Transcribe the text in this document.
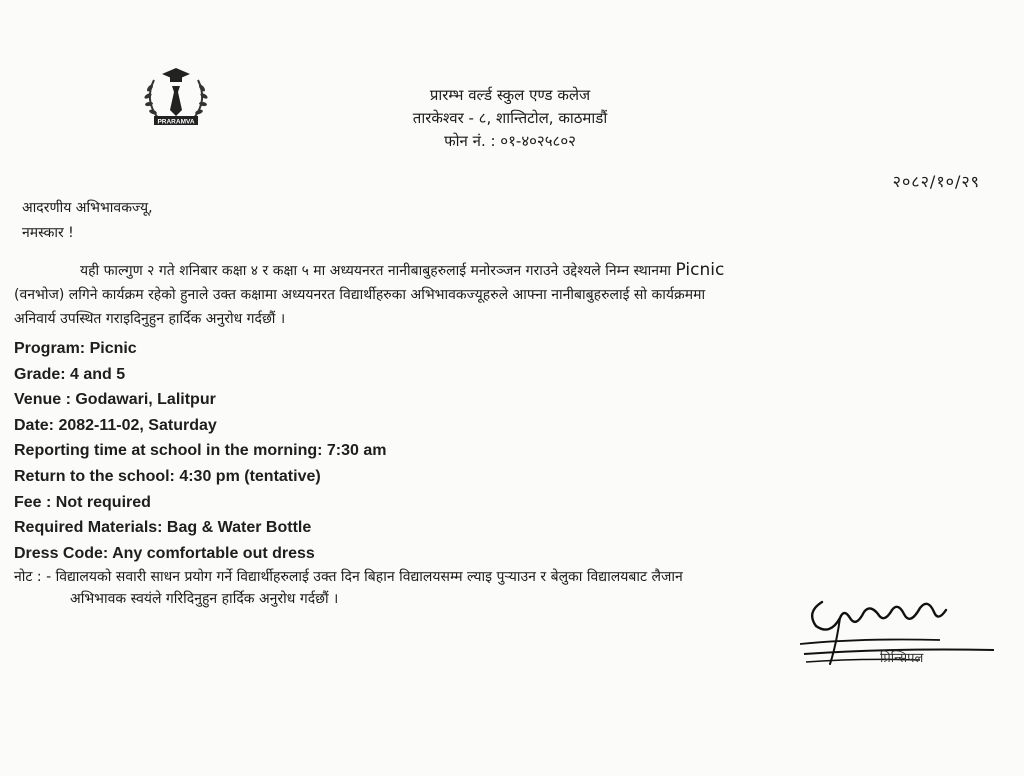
PRARAMVA
प्रारम्भ वर्ल्ड स्कुल एण्ड कलेज
तारकेश्वर - ८, शान्तिटोल, काठमाडौं
फोन नं. : ०१-४०२५८०२
२०८२/१०/२९
आदरणीय अभिभावकज्यू,
नमस्कार !
यही फाल्गुण २ गते शनिबार कक्षा ४ र कक्षा ५ मा अध्ययनरत नानीबाबुहरुलाई मनोरञ्जन गराउने उद्देश्यले निम्न स्थानमा Picnic
(वनभोज) लगिने कार्यक्रम रहेको हुनाले उक्त कक्षामा अध्ययनरत विद्यार्थीहरुका अभिभावकज्यूहरुले आफ्ना नानीबाबुहरुलाई सो कार्यक्रममा
अनिवार्य उपस्थित गराइदिनुहुन हार्दिक अनुरोध गर्दछौं ।
Program: Picnic
Grade: 4 and 5
Venue : Godawari, Lalitpur
Date: 2082-11-02, Saturday
Reporting time at school in the morning: 7:30 am
Return to the school: 4:30 pm (tentative)
Fee : Not required
Required Materials: Bag & Water Bottle
Dress Code: Any comfortable out dress
नोट : - विद्यालयको सवारी साधन प्रयोग गर्ने विद्यार्थीहरुलाई उक्त दिन बिहान विद्यालयसम्म ल्याइ पुऱ्याउन र बेलुका विद्यालयबाट लैजान
अभिभावक स्वयंले गरिदिनुहुन हार्दिक अनुरोध गर्दछौं ।
प्रिन्सिपल
